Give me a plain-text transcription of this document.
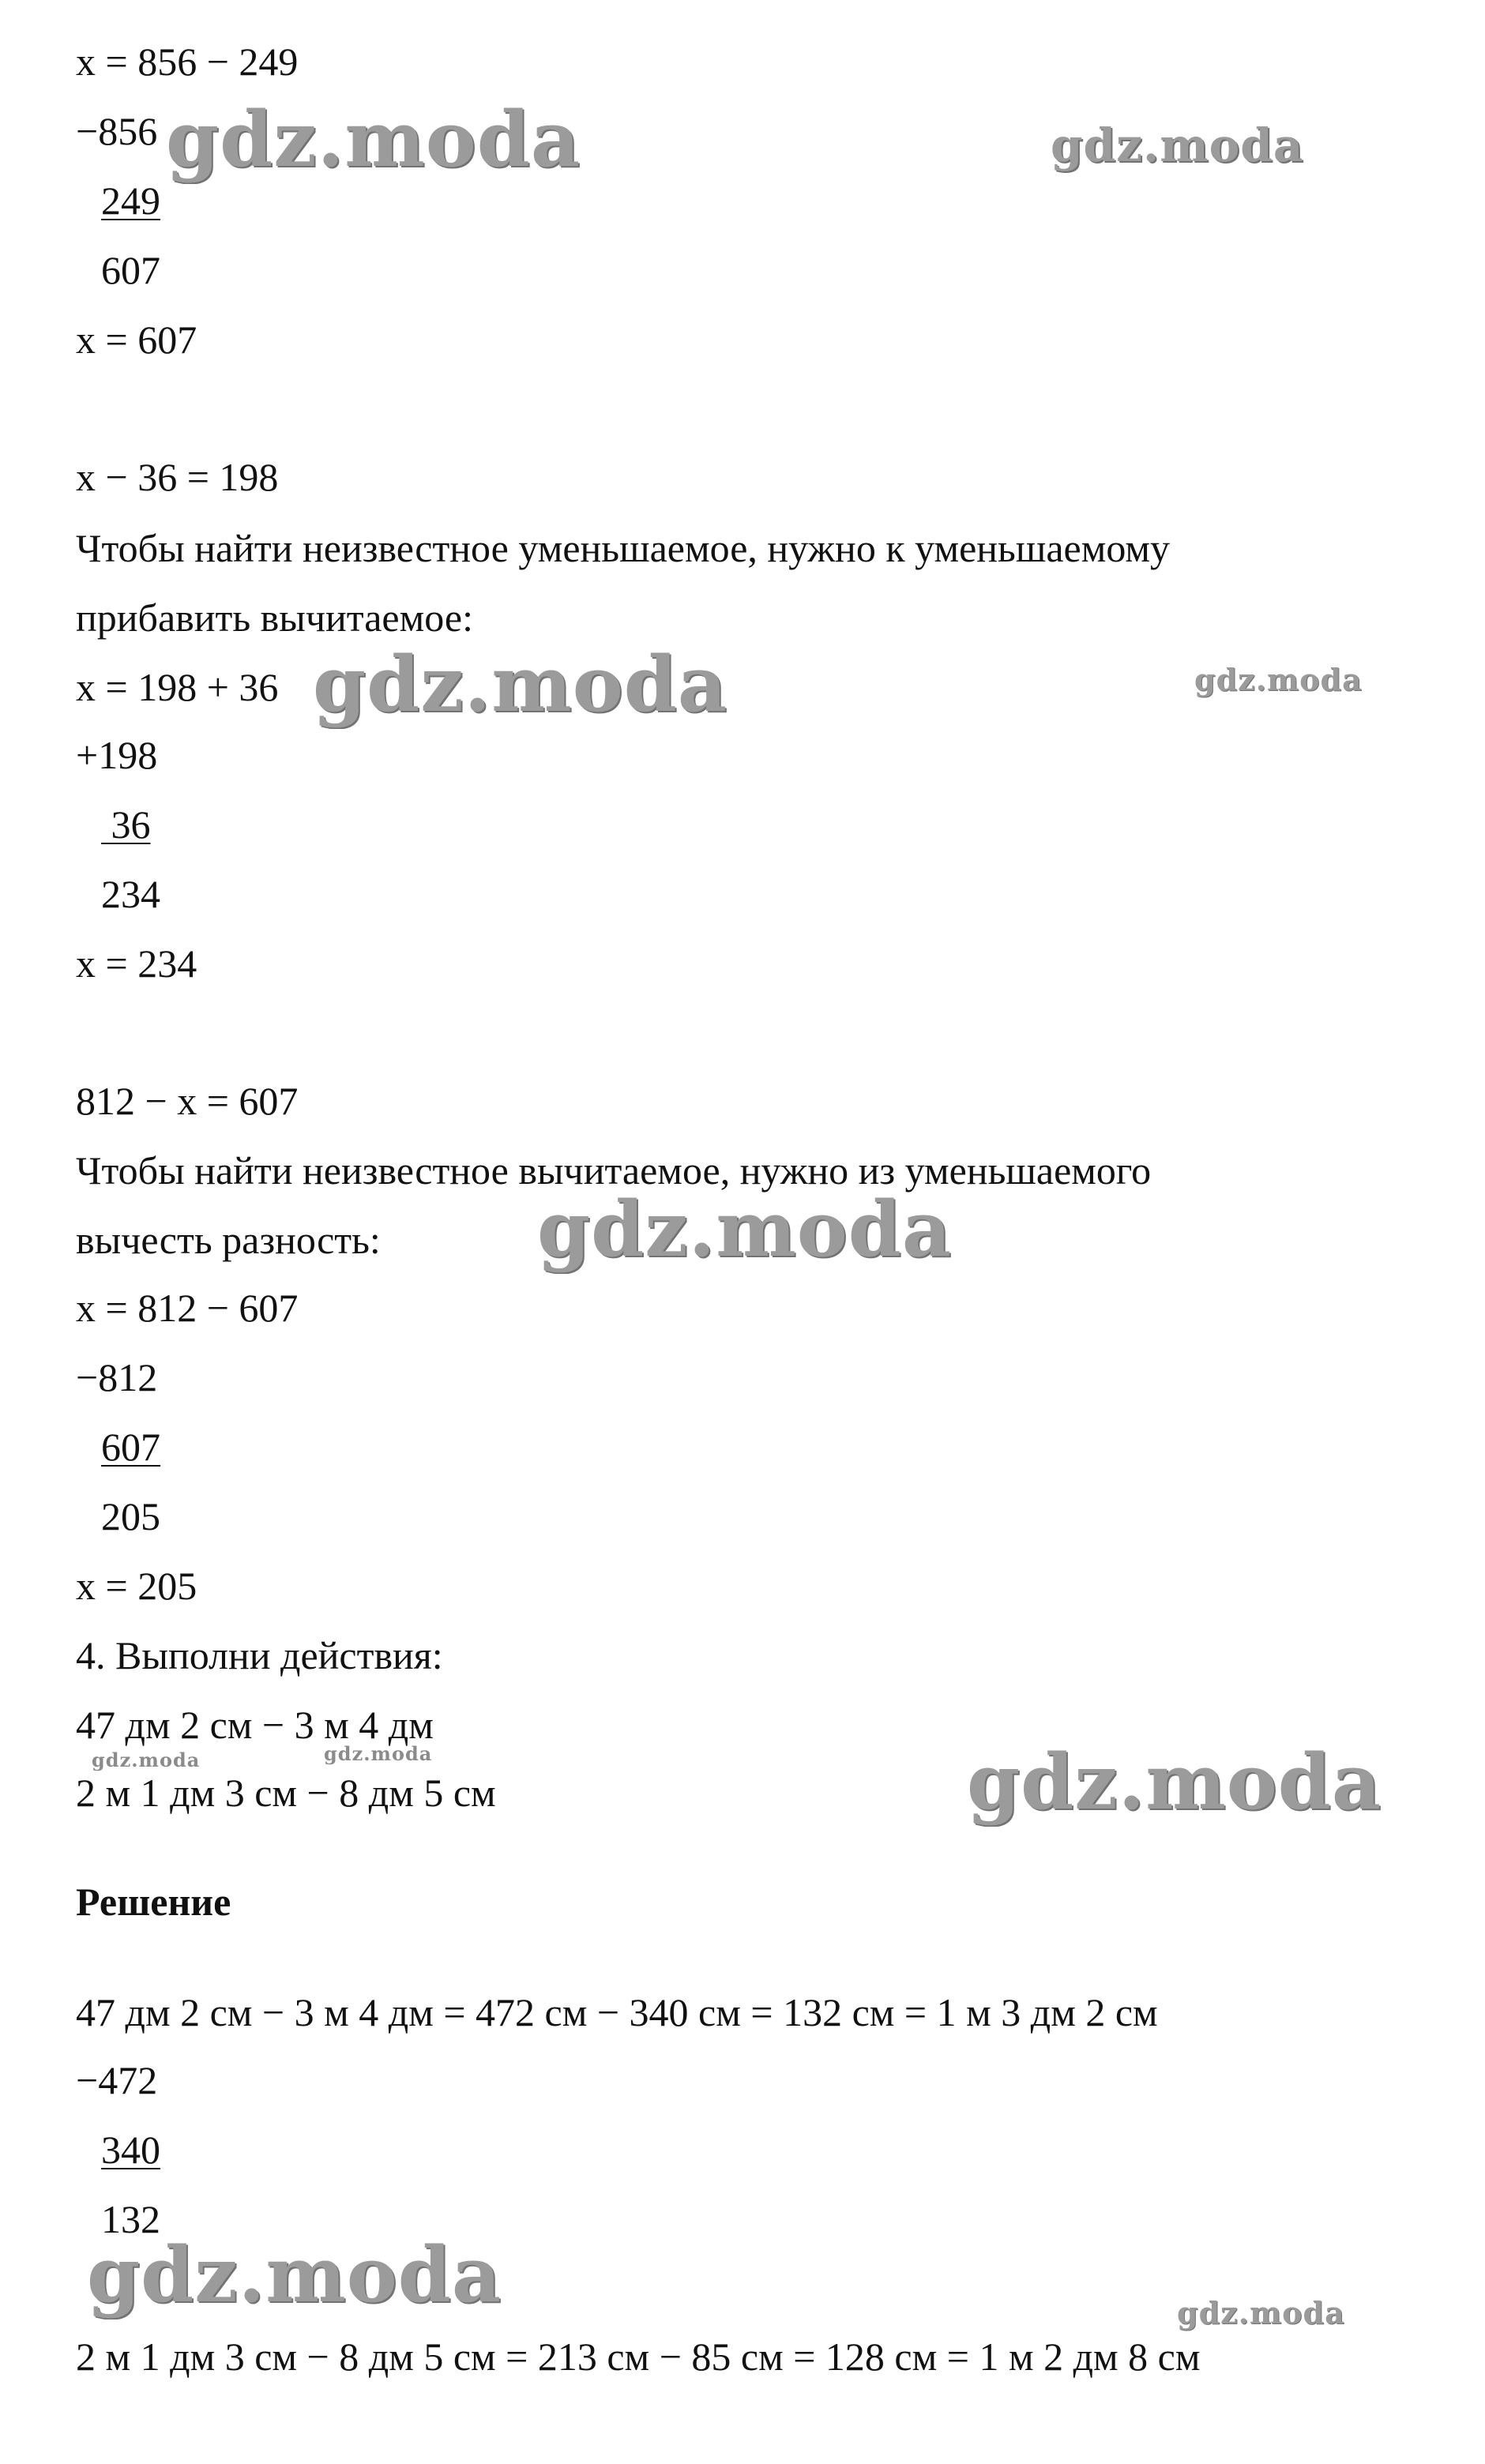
x = 856 − 249
−856
249
607
x = 607
x − 36 = 198
Чтобы найти неизвестное уменьшаемое, нужно к уменьшаемому
прибавить вычитаемое:
x = 198 + 36
+198
36
234
x = 234
812 − x = 607
Чтобы найти неизвестное вычитаемое, нужно из уменьшаемого
вычесть разность:
x = 812 − 607
−812
607
205
x = 205
4. Выполни действия:
47 дм 2 см − 3 м 4 дм
2 м 1 дм 3 см − 8 дм 5 см
Решение
47 дм 2 см − 3 м 4 дм = 472 см − 340 см = 132 см = 1 м 3 дм 2 см
−472
340
132
2 м 1 дм 3 см − 8 дм 5 см = 213 см − 85 см = 128 см = 1 м 2 дм 8 см
gdz.moda	gdz.moda
gdz.moda	gdz.moda
gdz.moda
gdz.moda	gdz.moda	gdz.moda
gdz.moda	gdz.moda
